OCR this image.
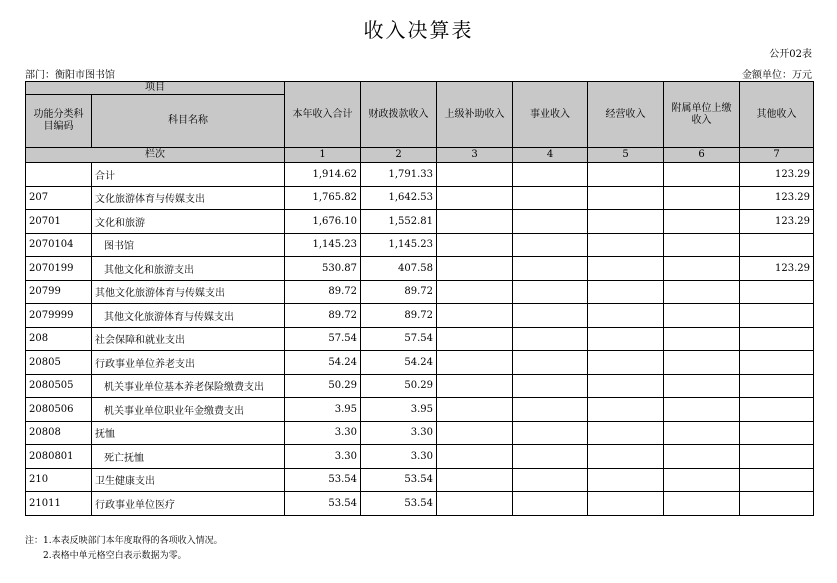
收入决算表
公开02表
部门：衡阳市图书馆	金额单位：万元
项目		本年收入合计	财政拨款收入	上级补助收入	事业收入	经营收入	附属单位上缴收入	其他收入
功能分类科目编码	科目名称							
栏次		1	2	3	4	5	6	7
	合计	1,914.62	1,791.33					123.29
207	文化旅游体育与传媒支出	1,765.82	1,642.53					123.29
20701	文化和旅游	1,676.10	1,552.81					123.29
2070104	图书馆	1,145.23	1,145.23					
2070199	其他文化和旅游支出	530.87	407.58					123.29
20799	其他文化旅游体育与传媒支出	89.72	89.72					
2079999	其他文化旅游体育与传媒支出	89.72	89.72					
208	社会保障和就业支出	57.54	57.54					
20805	行政事业单位养老支出	54.24	54.24					
2080505	机关事业单位基本养老保险缴费支出	50.29	50.29					
2080506	机关事业单位职业年金缴费支出	3.95	3.95					
20808	抚恤	3.30	3.30					
2080801	死亡抚恤	3.30	3.30					
210	卫生健康支出	53.54	53.54					
21011	行政事业单位医疗	53.54	53.54					
注：1.本表反映部门本年度取得的各项收入情况。
2.表格中单元格空白表示数据为零。
